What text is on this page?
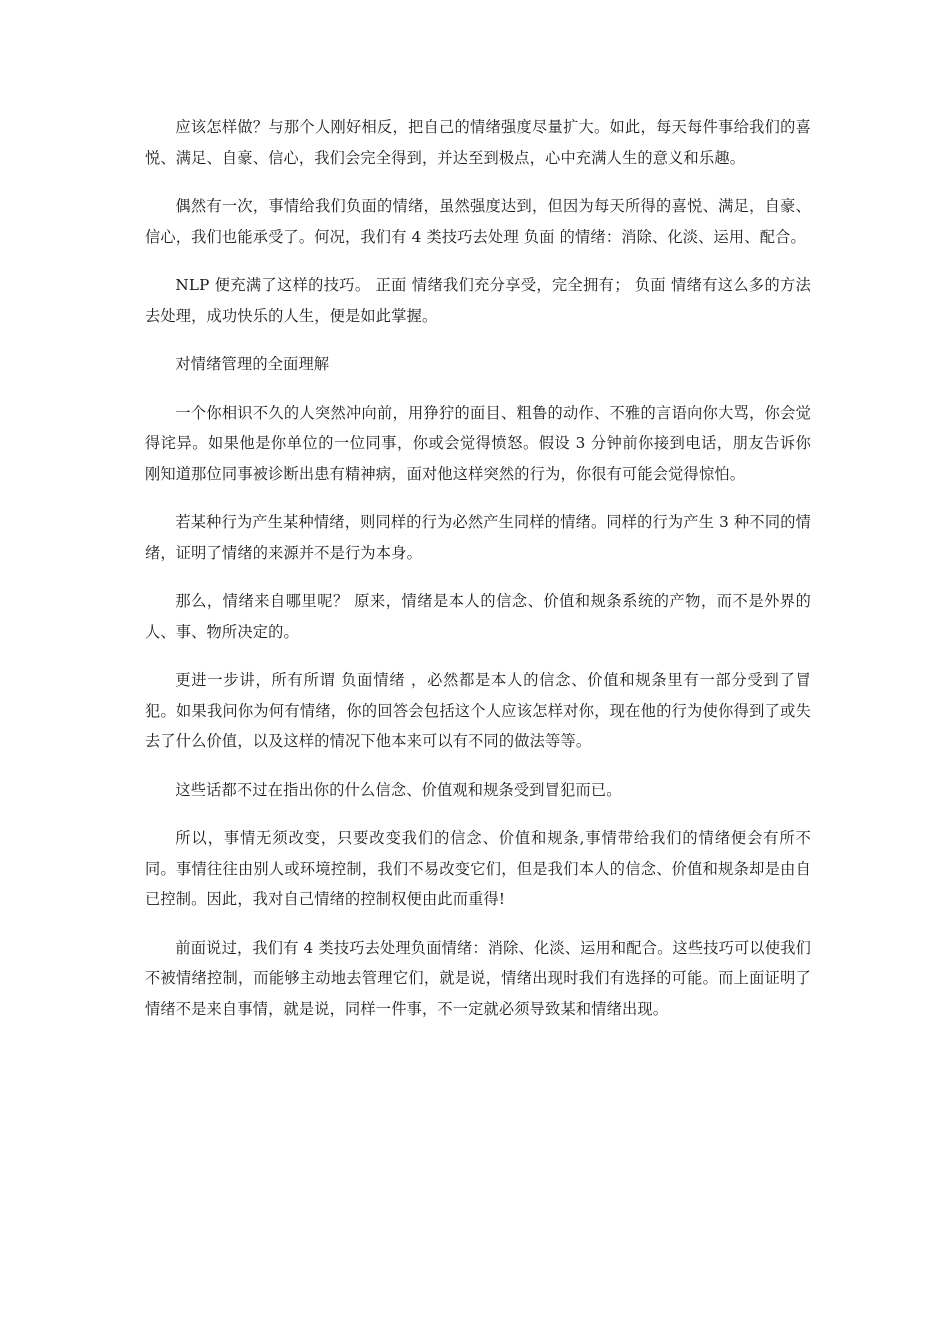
应该怎样做？与那个人刚好相反，把自己的情绪强度尽量扩大。如此，每天每件事给我们的喜悦、满足、自豪、信心，我们会完全得到，并达至到极点，心中充满人生的意义和乐趣。

偶然有一次，事情给我们负面的情绪，虽然强度达到，但因为每天所得的喜悦、满足，自豪、信心，我们也能承受了。何况，我们有 4 类技巧去处理 负面 的情绪：消除、化淡、运用、配合。

NLP 便充满了这样的技巧。 正面 情绪我们充分享受，完全拥有； 负面 情绪有这么多的方法去处理，成功快乐的人生，便是如此掌握。

对情绪管理的全面理解

一个你相识不久的人突然冲向前，用狰狞的面目、粗鲁的动作、不雅的言语向你大骂，你会觉得诧异。如果他是你单位的一位同事，你或会觉得愤怒。假设 3 分钟前你接到电话，朋友告诉你刚知道那位同事被诊断出患有精神病，面对他这样突然的行为，你很有可能会觉得惊怕。

若某种行为产生某种情绪，则同样的行为必然产生同样的情绪。同样的行为产生 3 种不同的情绪，证明了情绪的来源并不是行为本身。

那么，情绪来自哪里呢？ 原来，情绪是本人的信念、价值和规条系统的产物，而不是外界的人、事、物所决定的。

更进一步讲，所有所谓 负面情绪 ，必然都是本人的信念、价值和规条里有一部分受到了冒犯。如果我问你为何有情绪，你的回答会包括这个人应该怎样对你，现在他的行为使你得到了或失去了什么价值，以及这样的情况下他本来可以有不同的做法等等。

这些话都不过在指出你的什么信念、价值观和规条受到冒犯而已。

所以，事情无须改变，只要改变我们的信念、价值和规条,事情带给我们的情绪便会有所不同。事情往往由别人或环境控制，我们不易改变它们，但是我们本人的信念、价值和规条却是由自已控制。因此，我对自己情绪的控制权便由此而重得!

前面说过，我们有 4 类技巧去处理负面情绪：消除、化淡、运用和配合。这些技巧可以使我们不被情绪控制，而能够主动地去管理它们，就是说，情绪出现时我们有选择的可能。而上面证明了情绪不是来自事情，就是说，同样一件事，不一定就必须导致某和情绪出现。
